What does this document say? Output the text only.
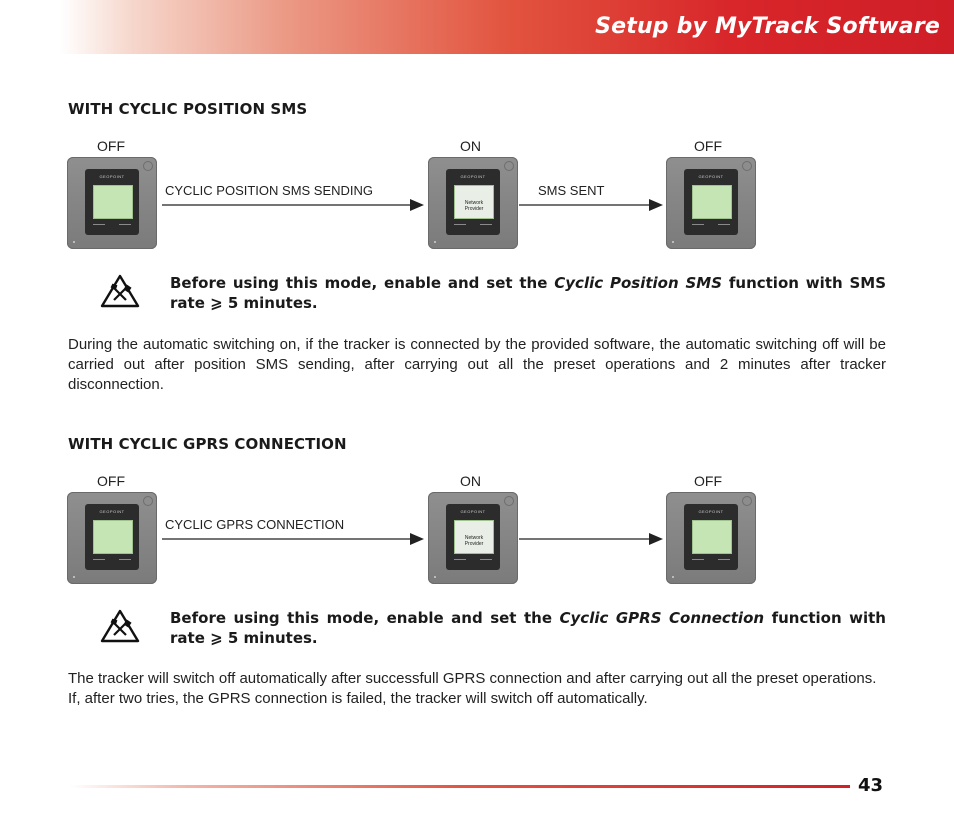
Setup by MyTrack Software
WITH CYCLIC POSITION SMS
OFF	ON	OFF
GEOPOINT	GEOPOINT
Network Provider
GEOPOINT
CYCLIC POSITION SMS SENDING	SMS SENT
Before using this mode, enable and set the Cyclic Position SMS function with SMS rate ⩾ 5 minutes.

During the automatic switching on, if the tracker is connected by the provided software, the automatic switching off will be carried out after position SMS sending, after carrying out all the preset operations and 2 minutes after tracker disconnection.

WITH CYCLIC GPRS CONNECTION
OFF	ON	OFF
GEOPOINT	GEOPOINT
Network Provider
GEOPOINT
CYCLIC GPRS CONNECTION
Before using this mode, enable and set the Cyclic GPRS Connection function with rate ⩾ 5 minutes.

The tracker will switch off automatically after successfull GPRS connection and after carrying out all the preset operations.

If, after two tries, the GPRS connection is failed, the tracker will switch off automatically.

43
